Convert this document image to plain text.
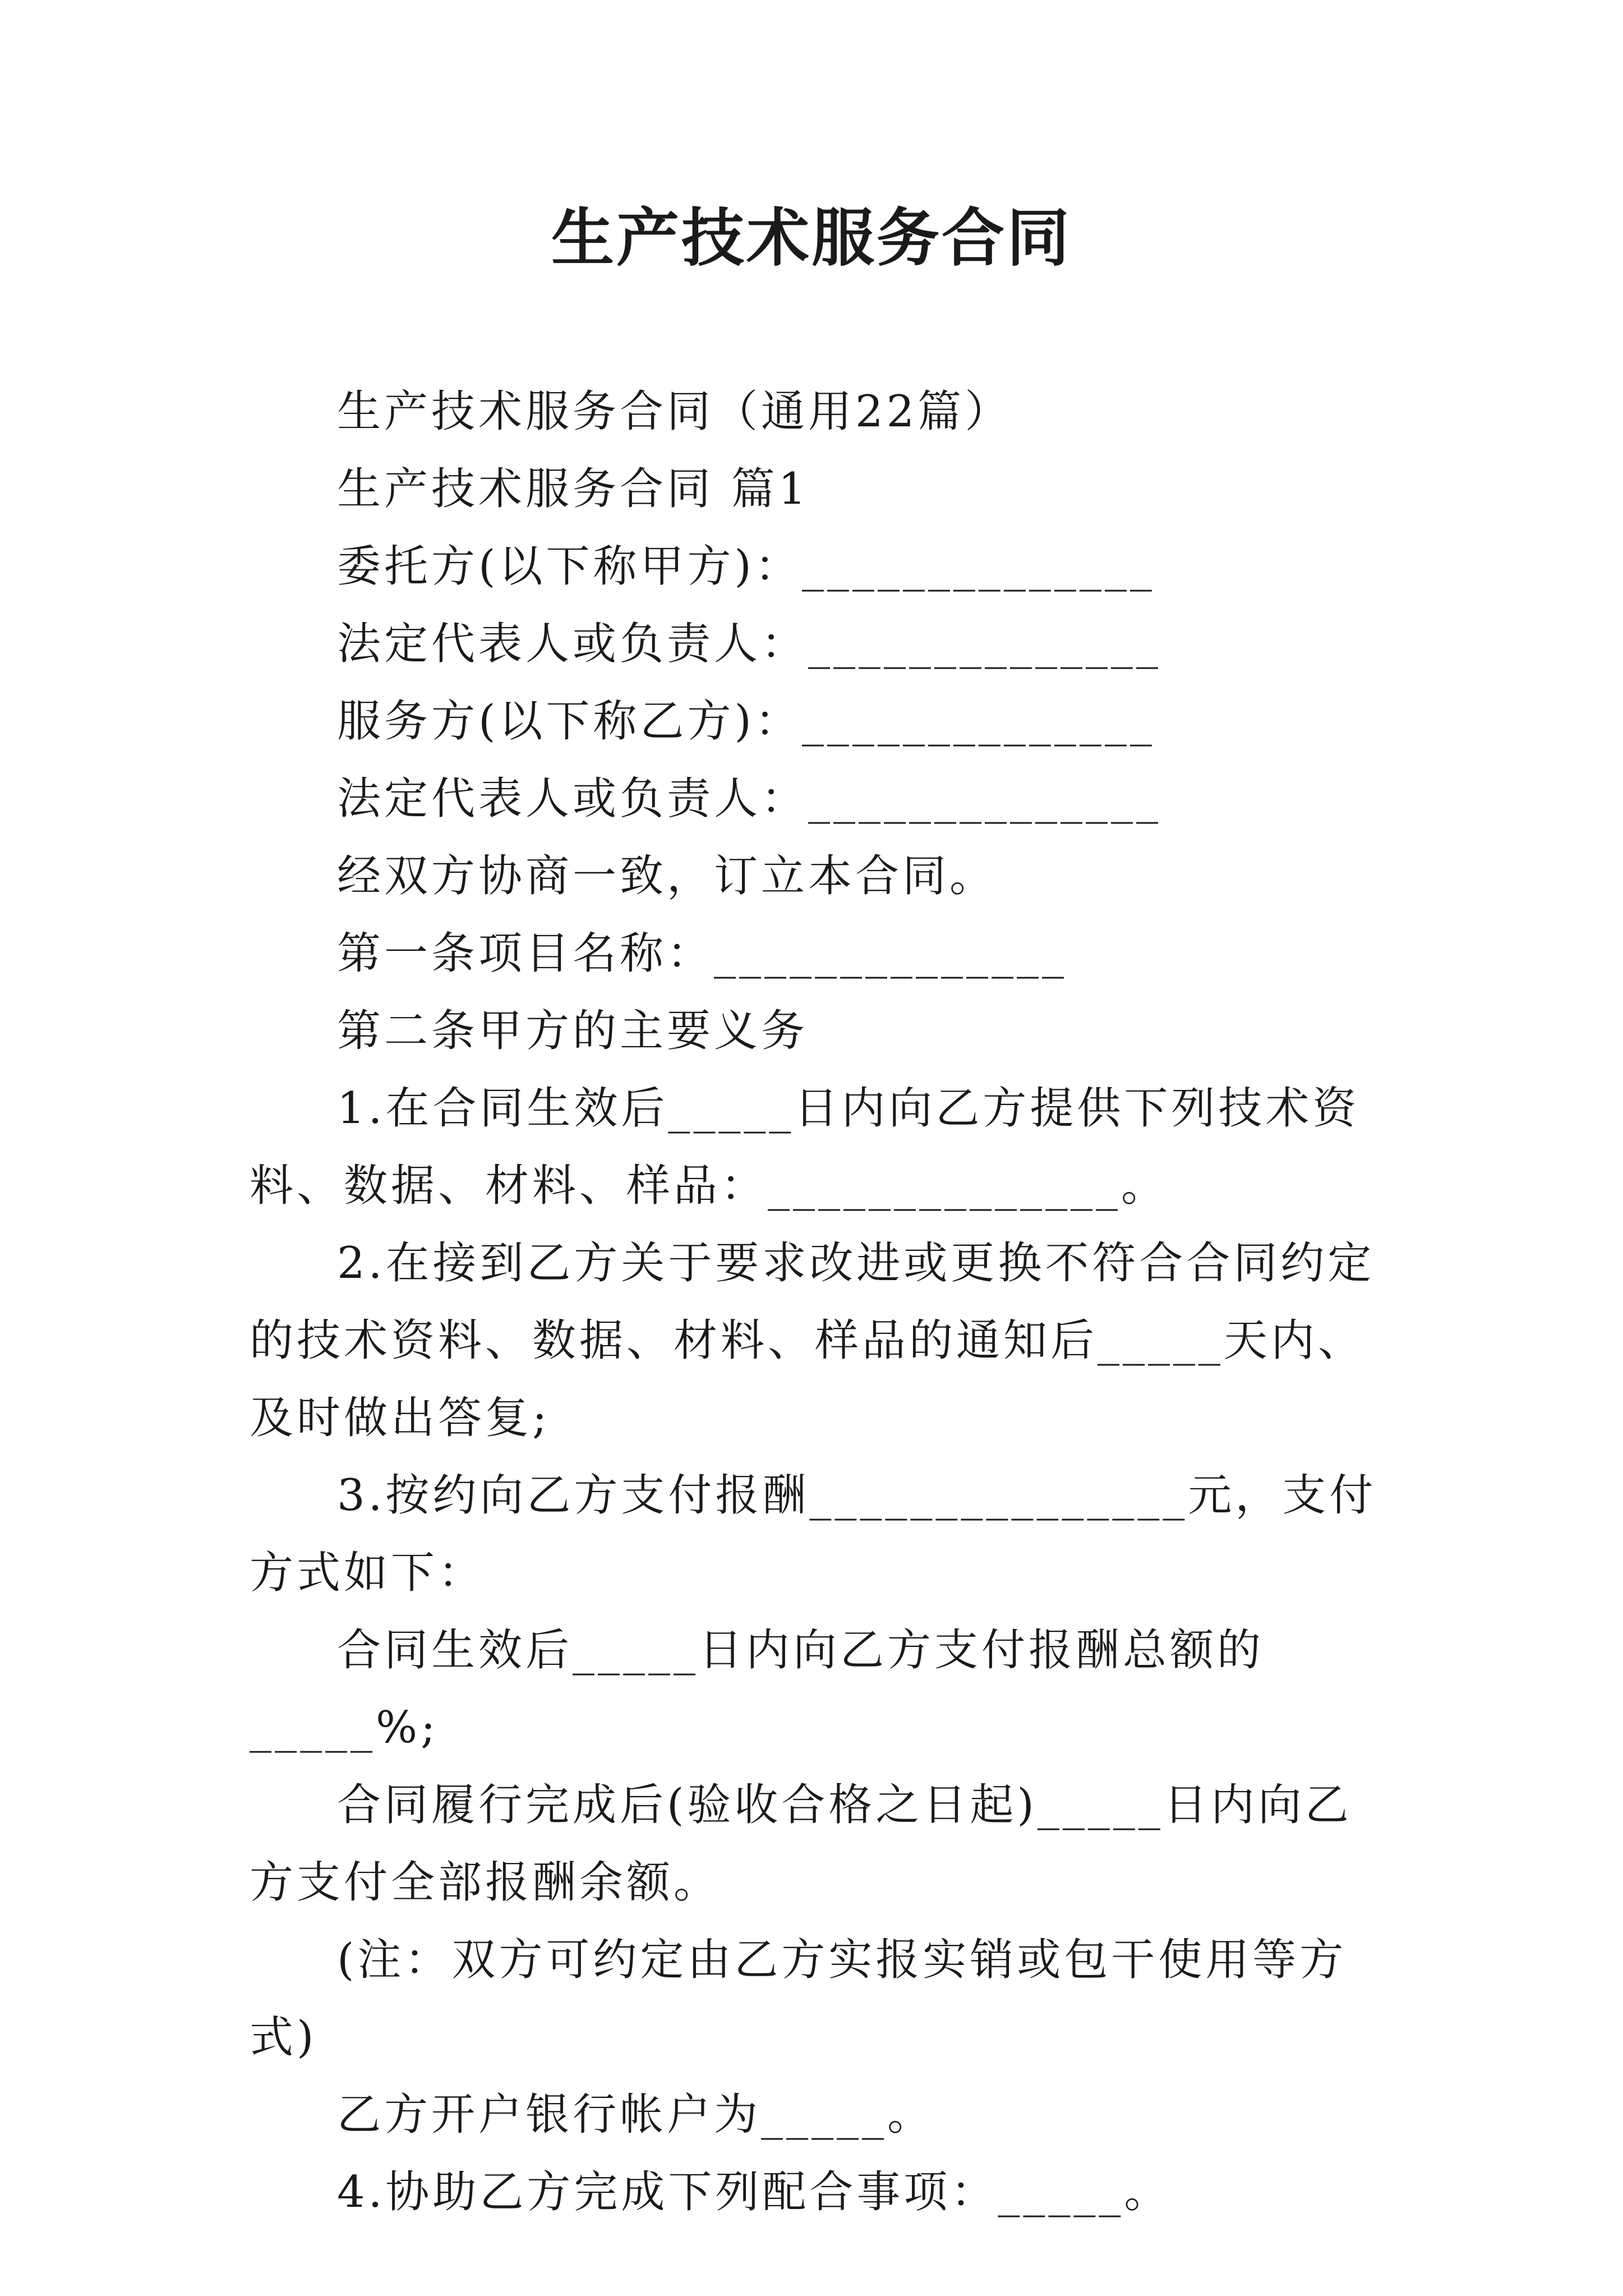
生产技术服务合同

生产技术服务合同（通用22篇）

生产技术服务合同 篇1

委托方(以下称甲方)：______________

法定代表人或负责人：______________

服务方(以下称乙方)：______________

法定代表人或负责人：______________

经双方协商一致，订立本合同。

第一条项目名称：______________

第二条甲方的主要义务

1.在合同生效后_____日内向乙方提供下列技术资料、数据、材料、样品：______________。

2.在接到乙方关于要求改进或更换不符合合同约定的技术资料、数据、材料、样品的通知后_____天内、及时做出答复;

3.按约向乙方支付报酬_______________元，支付方式如下：

合同生效后_____日内向乙方支付报酬总额的_____%;

合同履行完成后(验收合格之日起)_____日内向乙方支付全部报酬余额。

(注：双方可约定由乙方实报实销或包干使用等方式)

乙方开户银行帐户为_____。

4.协助乙方完成下列配合事项：_____。
